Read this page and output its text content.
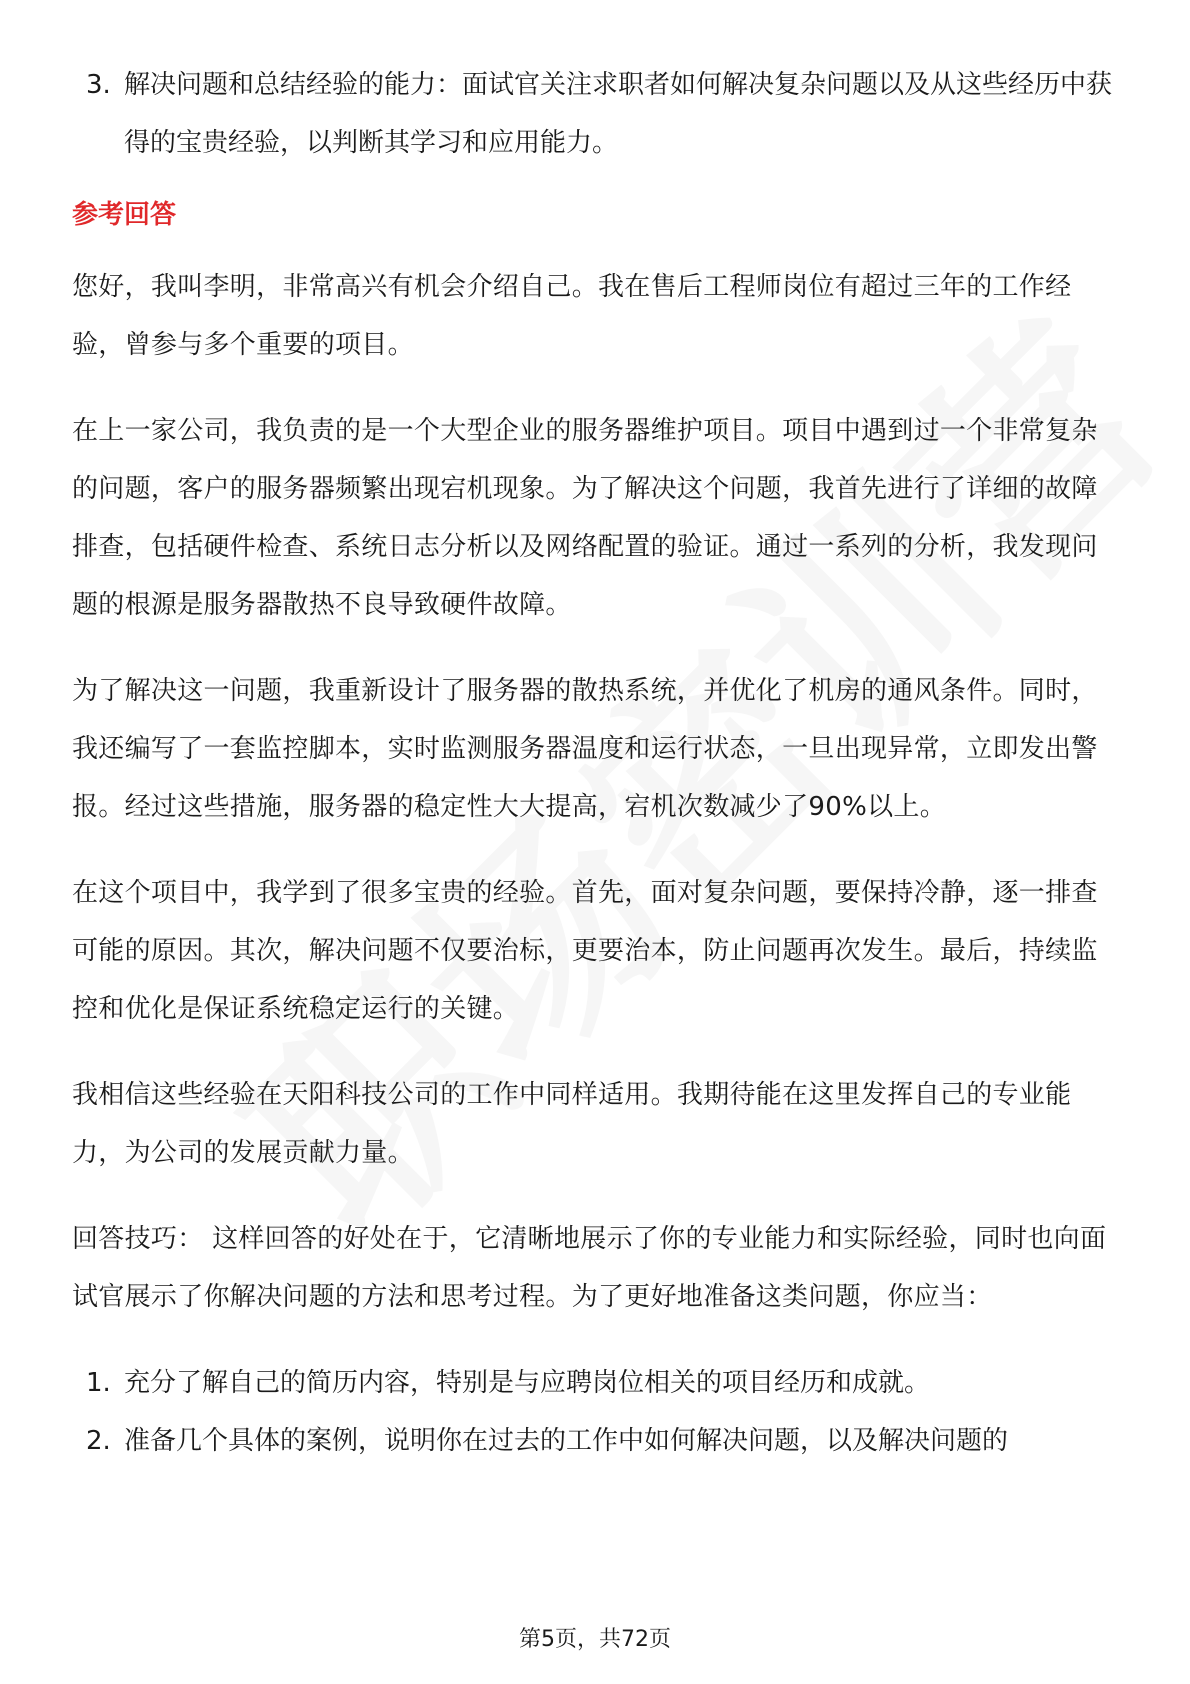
3. 解决问题和总结经验的能力：面试官关注求职者如何解决复杂问题以及从这些经历中获得的宝贵经验，以判断其学习和应用能力。

参考回答

您好，我叫李明，非常高兴有机会介绍自己。我在售后工程师岗位有超过三年的工作经验，曾参与多个重要的项目。

在上一家公司，我负责的是一个大型企业的服务器维护项目。项目中遇到过一个非常复杂的问题，客户的服务器频繁出现宕机现象。为了解决这个问题，我首先进行了详细的故障排查，包括硬件检查、系统日志分析以及网络配置的验证。通过一系列的分析，我发现问题的根源是服务器散热不良导致硬件故障。

为了解决这一问题，我重新设计了服务器的散热系统，并优化了机房的通风条件。同时，我还编写了一套监控脚本，实时监测服务器温度和运行状态，一旦出现异常，立即发出警报。经过这些措施，服务器的稳定性大大提高，宕机次数减少了90%以上。

在这个项目中，我学到了很多宝贵的经验。首先，面对复杂问题，要保持冷静，逐一排查可能的原因。其次，解决问题不仅要治标，更要治本，防止问题再次发生。最后，持续监控和优化是保证系统稳定运行的关键。

我相信这些经验在天阳科技公司的工作中同样适用。我期待能在这里发挥自己的专业能力，为公司的发展贡献力量。

回答技巧： 这样回答的好处在于，它清晰地展示了你的专业能力和实际经验，同时也向面试官展示了你解决问题的方法和思考过程。为了更好地准备这类问题，你应当：

1. 充分了解自己的简历内容，特别是与应聘岗位相关的项目经历和成就。
2. 准备几个具体的案例，说明你在过去的工作中如何解决问题，以及解决问题的
第5页，共72页
